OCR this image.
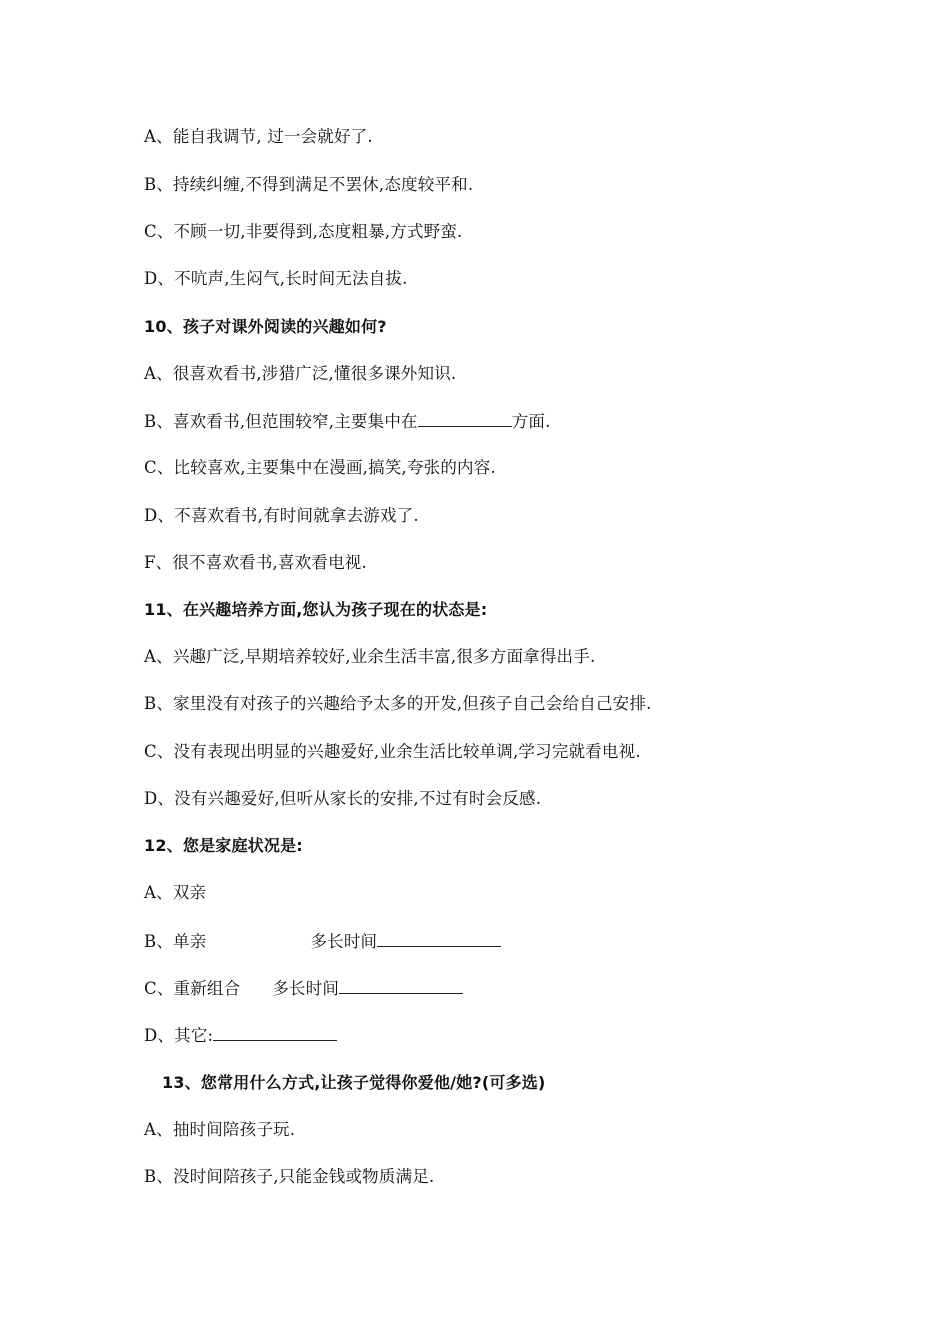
A、能自我调节, 过一会就好了.
B、持续纠缠,不得到满足不罢休,态度较平和.
C、不顾一切,非要得到,态度粗暴,方式野蛮.
D、不吭声,生闷气,长时间无法自拔.
10、孩子对课外阅读的兴趣如何?
A、很喜欢看书,涉猎广泛,懂很多课外知识.
B、喜欢看书,但范围较窄,主要集中在	方面.
C、比较喜欢,主要集中在漫画,搞笑,夸张的内容.
D、不喜欢看书,有时间就拿去游戏了.
F、很不喜欢看书,喜欢看电视.
11、在兴趣培养方面,您认为孩子现在的状态是:
A、兴趣广泛,早期培养较好,业余生活丰富,很多方面拿得出手.
B、家里没有对孩子的兴趣给予太多的开发,但孩子自己会给自己安排.
C、没有表现出明显的兴趣爱好,业余生活比较单调,学习完就看电视.
D、没有兴趣爱好,但听从家长的安排,不过有时会反感.
12、您是家庭状况是:
A、双亲
B、单亲	多长时间
C、重新组合 多长时间
D、其它:
13、您常用什么方式,让孩子觉得你爱他/她?(可多选)
A、抽时间陪孩子玩.
B、没时间陪孩子,只能金钱或物质满足.
